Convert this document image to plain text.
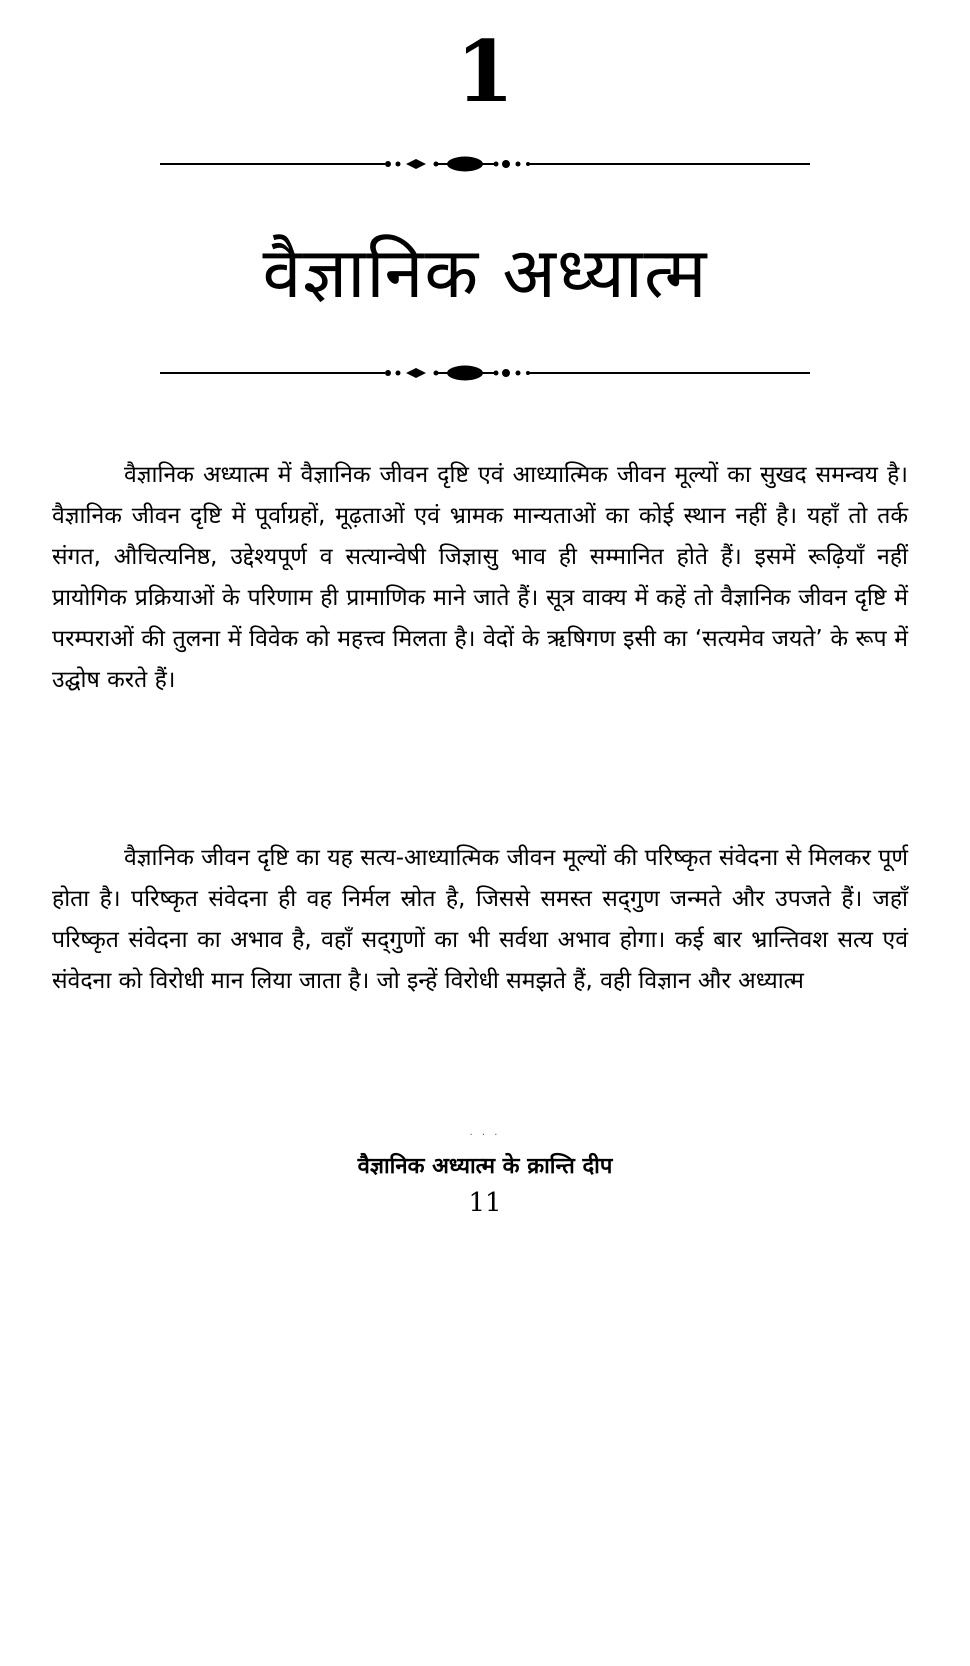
1
वैज्ञानिक अध्यात्म

वैज्ञानिक अध्यात्म में वैज्ञानिक जीवन दृष्टि एवं आध्यात्मिक जीवन मूल्यों का सुखद समन्वय है। वैज्ञानिक जीवन दृष्टि में पूर्वाग्रहों, मूढ़ताओं एवं भ्रामक मान्यताओं का कोई स्थान नहीं है। यहाँ तो तर्क संगत, औचित्यनिष्ठ, उद्देश्यपूर्ण व सत्यान्वेषी जिज्ञासु भाव ही सम्मानित होते हैं। इसमें रूढ़ियाँ नहीं प्रायोगिक प्रक्रियाओं के परिणाम ही प्रामाणिक माने जाते हैं। सूत्र वाक्य में कहें तो वैज्ञानिक जीवन दृष्टि में परम्पराओं की तुलना में विवेक को महत्त्व मिलता है। वेदों के ऋषिगण इसी का ‘सत्यमेव जयते’ के रूप में उद्घोष करते हैं।

वैज्ञानिक जीवन दृष्टि का यह सत्य-आध्यात्मिक जीवन मूल्यों की परिष्कृत संवेदना से मिलकर पूर्ण होता है। परिष्कृत संवेदना ही वह निर्मल स्रोत है, जिससे समस्त सद्‌गुण जन्मते और उपजते हैं। जहाँ परिष्कृत संवेदना का अभाव है, वहाँ सद्‌गुणों का भी सर्वथा अभाव होगा। कई बार भ्रान्तिवश सत्य एवं संवेदना को विरोधी मान लिया जाता है। जो इन्हें विरोधी समझते हैं, वही विज्ञान और अध्यात्म

· · ·
वैज्ञानिक अध्यात्म के क्रान्ति दीप
11
